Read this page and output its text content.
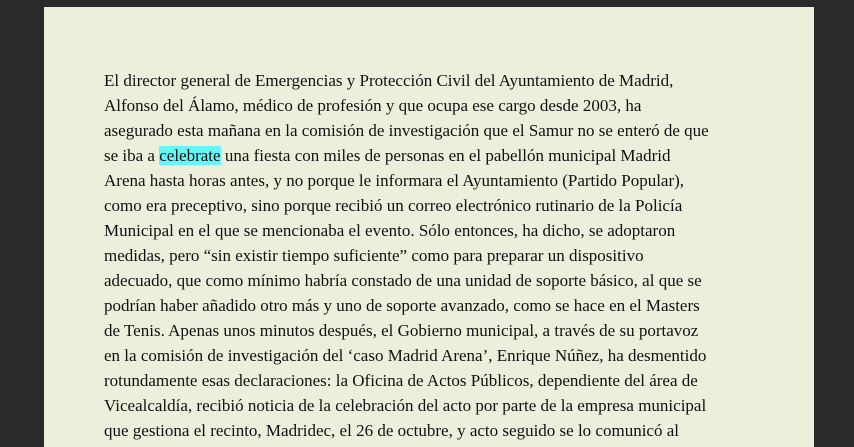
El director general de Emergencias y Protección Civil del Ayuntamiento de Madrid,
Alfonso del Álamo, médico de profesión y que ocupa ese cargo desde 2003, ha
asegurado esta mañana en la comisión de investigación que el Samur no se enteró de que
se iba a celebrate una fiesta con miles de personas en el pabellón municipal Madrid
Arena hasta horas antes, y no porque le informara el Ayuntamiento (Partido Popular),
como era preceptivo, sino porque recibió un correo electrónico rutinario de la Policía
Municipal en el que se mencionaba el evento. Sólo entonces, ha dicho, se adoptaron
medidas, pero “sin existir tiempo suficiente” como para preparar un dispositivo
adecuado, que como mínimo habría constado de una unidad de soporte básico, al que se
podrían haber añadido otro más y uno de soporte avanzado, como se hace en el Masters
de Tenis. Apenas unos minutos después, el Gobierno municipal, a través de su portavoz
en la comisión de investigación del ‘caso Madrid Arena’, Enrique Núñez, ha desmentido
rotundamente esas declaraciones: la Oficina de Actos Públicos, dependiente del área de
Vicealcaldía, recibió noticia de la celebración del acto por parte de la empresa municipal
que gestiona el recinto, Madridec, el 26 de octubre, y acto seguido se lo comunicó al
